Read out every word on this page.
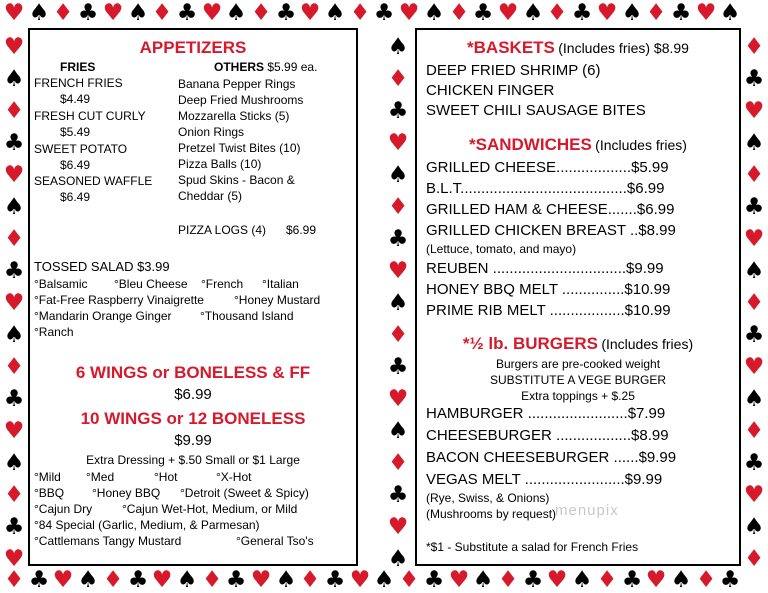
♥ ♠ ♦ ♣ ♥ ♠ ♦ ♣ ♥ ♠ ♦ ♣ ♥ ♠ ♦ ♣ ♥ ♠ ♦ ♣ ♥ ♠ ♦ ♣ ♥ ♠ ♦ ♣ ♥ ♠
♦ ♣ ♥ ♠ ♦ ♣ ♥ ♠ ♦ ♣ ♥ ♠ ♦ ♣ ♥ ♠ ♦ ♣ ♥ ♠ ♦ ♣ ♥ ♠ ♦ ♣ ♥ ♠ ♦ ♣
♥
♠
♦
♣
♥
♠
♦
♣
♥
♠
♦
♣
♥
♠
♦
♣
♥
♠
♦
♣
♥
♠
♦
♣
♥
♠
♦
♣
♥
♠
♦
♣
♥
♠
♦
♣
♥
♠
♦
♣
♥
♠
♦
♣
♥
♠
♦
♣
♥
♠
♦
APPETIZERS
FRIES
FRENCH FRIES
$4.49
FRESH CUT CURLY
$5.49
SWEET POTATO
$6.49
SEASONED WAFFLE
$6.49
OTHERS $5.99 ea.
Banana Pepper Rings
Deep Fried Mushrooms
Mozzarella Sticks (5)
Onion Rings
Pretzel Twist Bites (10)
Pizza Balls (10)
Spud Skins - Bacon &
Cheddar (5)
PIZZA LOGS (4) $6.99
TOSSED SALAD $3.99
°Balsamic °Bleu Cheese °French °Italian
°Fat-Free Raspberry Vinaigrette	°Honey Mustard
°Mandarin Orange Ginger °Thousand Island
°Ranch
6 WINGS or BONELESS & FF
$6.99
10 WINGS or 12 BONELESS
$9.99
Extra Dressing + $.50 Small or $1 Large
°Mild °Med	°Hot	°X-Hot
°BBQ °Honey BBQ °Detroit (Sweet & Spicy)
°Cajun Dry °Cajun Wet-Hot, Medium, or Mild
°84 Special (Garlic, Medium, & Parmesan)
°Cattlemans Tangy Mustard	°General Tso's
*BASKETS (Includes fries) $8.99
DEEP FRIED SHRIMP (6)
CHICKEN FINGER
SWEET CHILI SAUSAGE BITES
*SANDWICHES (Includes fries)
GRILLED CHEESE..................$5.99
B.L.T........................................$6.99
GRILLED HAM & CHEESE.......$6.99
GRILLED CHICKEN BREAST ..$8.99
(Lettuce, tomato, and mayo)
REUBEN ................................$9.99
HONEY BBQ MELT ...............$10.99
PRIME RIB MELT ..................$10.99
*½ lb. BURGERS (Includes fries)
Burgers are pre-cooked weight
SUBSTITUTE A VEGE BURGER
Extra toppings + $.25
HAMBURGER ........................$7.99
CHEESEBURGER ..................$8.99
BACON CHEESEBURGER ......$9.99
VEGAS MELT ........................$9.99
(Rye, Swiss, & Onions)
(Mushrooms by request)
menupix
*$1 - Substitute a salad for French Fries
